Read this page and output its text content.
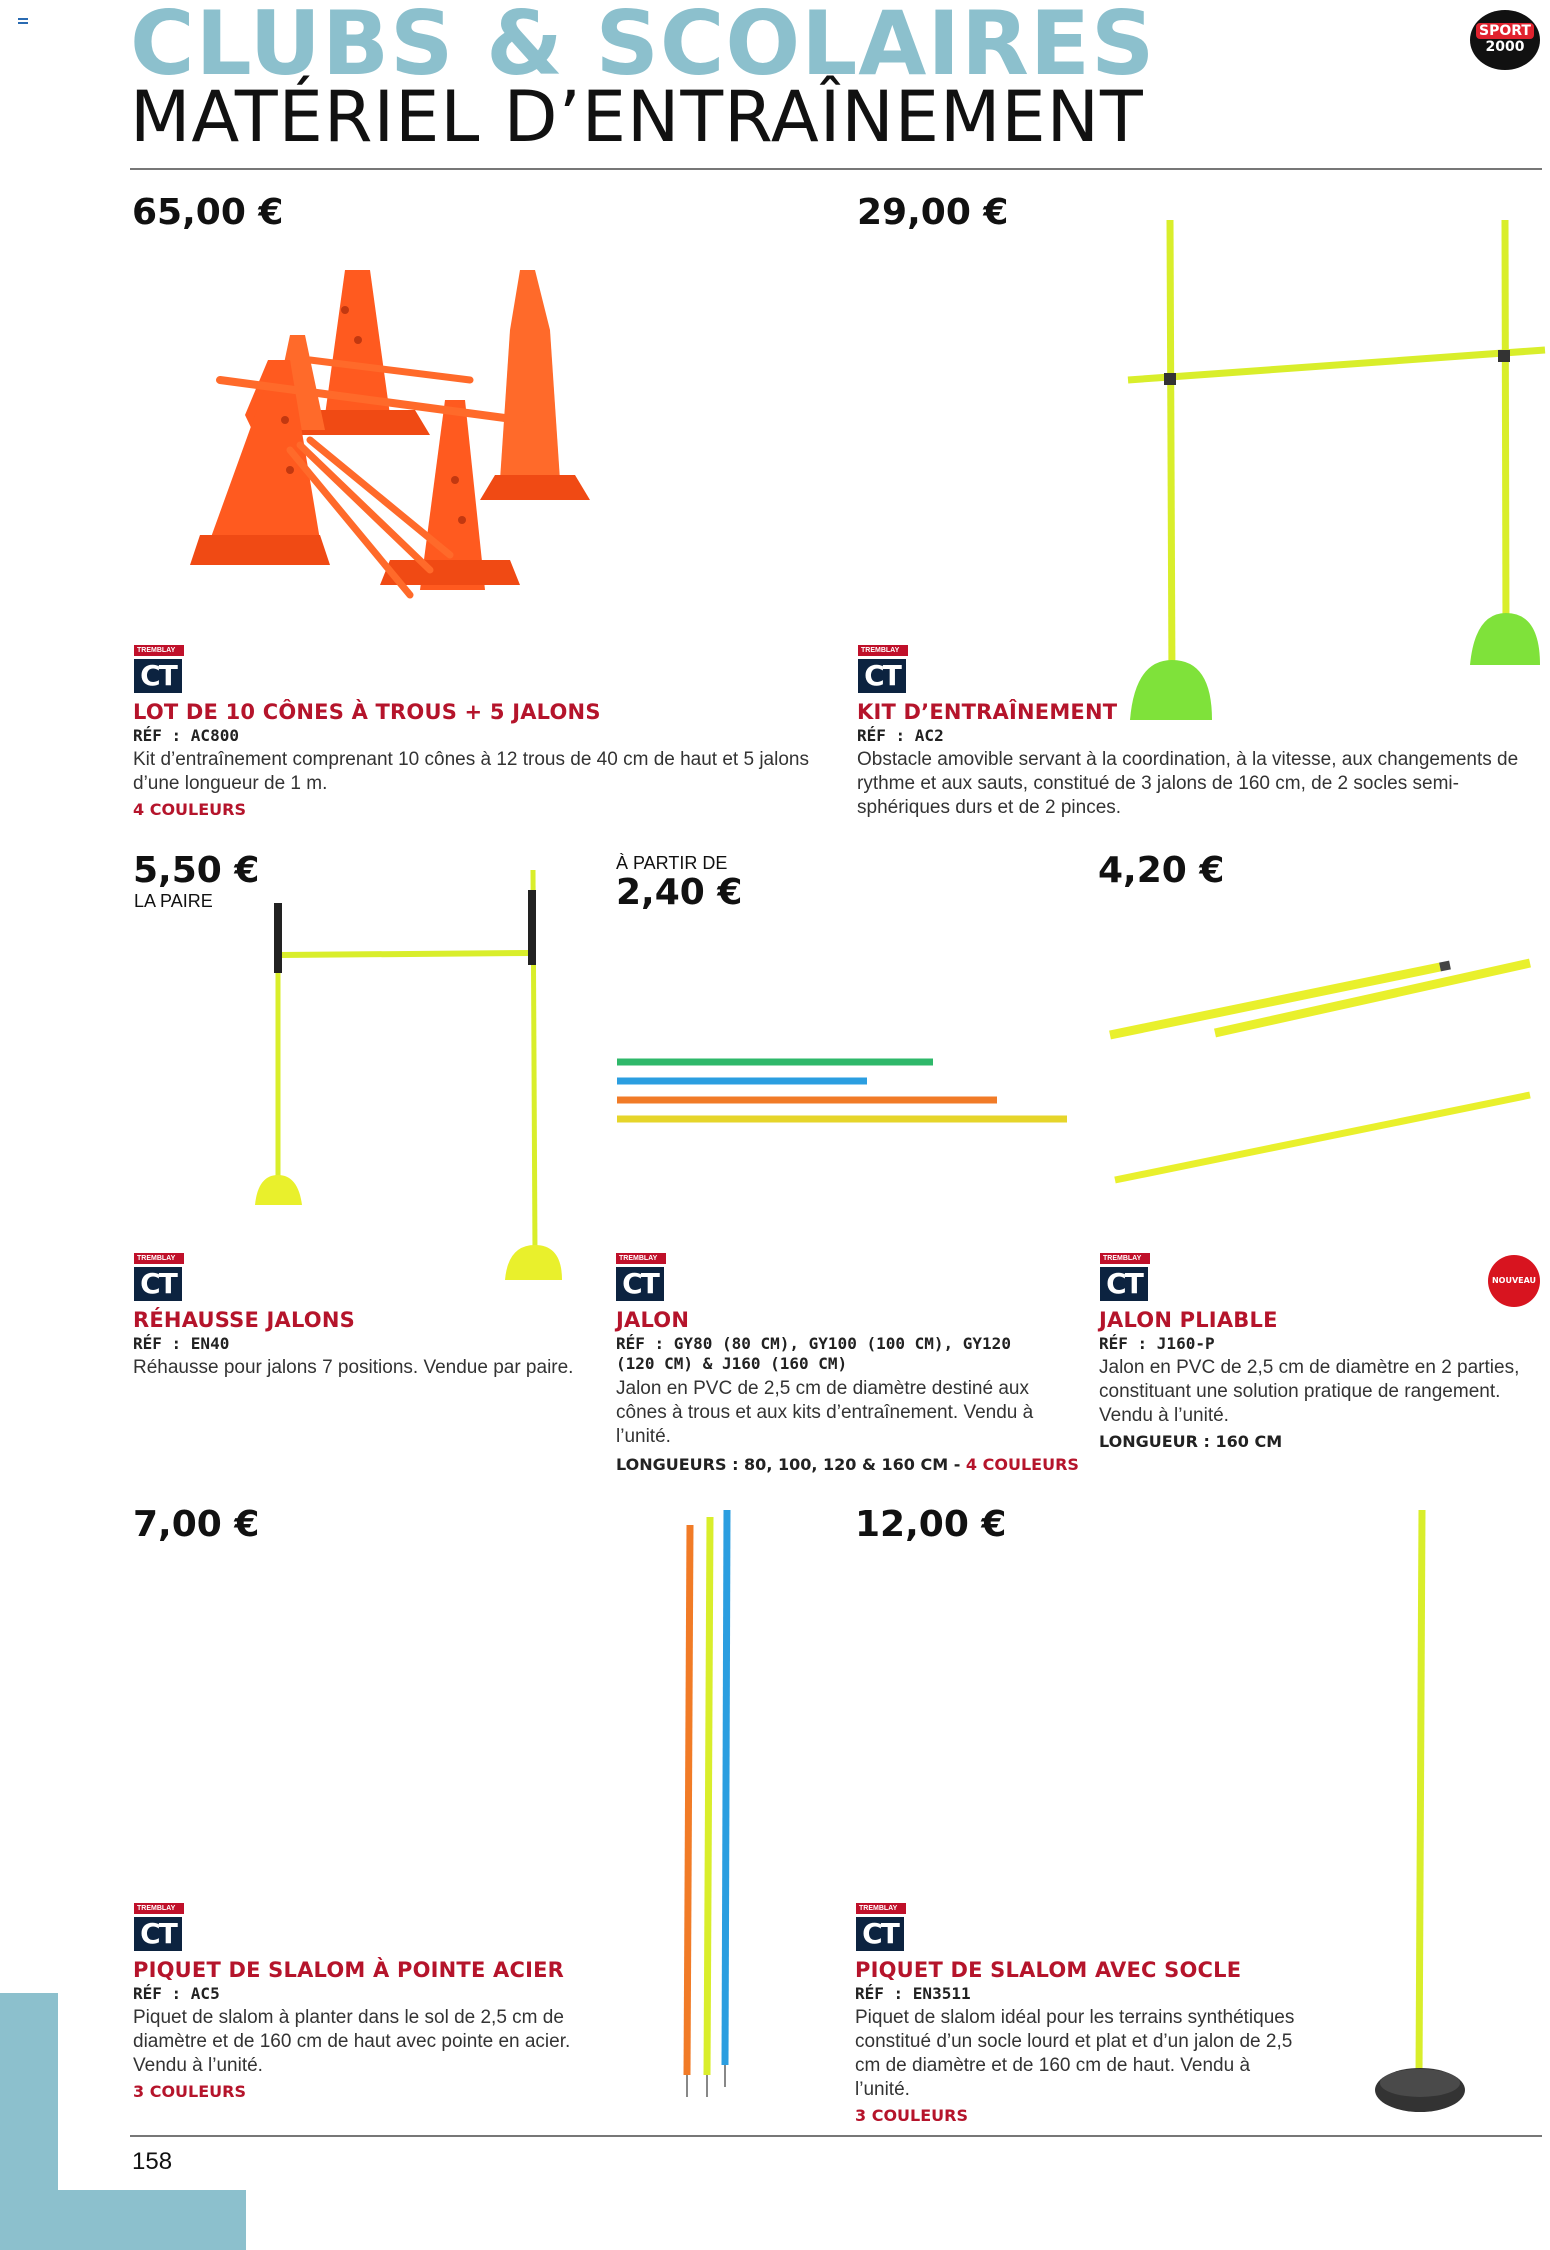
CLUBS & SCOLAIRES
MATÉRIEL D’ENTRAÎNEMENT
SPORT
2000
65,00 €
TREMBLAY
CT
LOT DE 10 CÔNES À TROUS + 5 JALONS
RÉF : AC800
Kit d’entraînement comprenant 10 cônes à 12 trous de 40 cm de haut et 5 jalons d’une longueur de 1 m.
4 COULEURS
29,00 €
TREMBLAY
CT
KIT D’ENTRAÎNEMENT
RÉF : AC2
Obstacle amovible servant à la coordination, à la vitesse, aux changements de rythme et aux sauts, constitué de 3 jalons de 160 cm, de 2 socles semi-sphériques durs et de 2 pinces.
5,50 €
LA PAIRE
TREMBLAY
CT
RÉHAUSSE JALONS
RÉF : EN40
Réhausse pour jalons 7 positions. Vendue par paire.
À PARTIR DE
2,40 €
TREMBLAY
CT
JALON
RÉF : GY80 (80 CM), GY100 (100 CM), GY120 (120 CM) & J160 (160 CM)
Jalon en PVC de 2,5 cm de diamètre destiné aux cônes à trous et aux kits d’entraînement. Vendu à l’unité.
LONGUEURS : 80, 100, 120 & 160 CM - 4 COULEURS
4,20 €
NOUVEAU
TREMBLAY
CT
JALON PLIABLE
RÉF : J160-P
Jalon en PVC de 2,5 cm de diamètre en 2 parties, constituant une solution pratique de rangement. Vendu à l’unité.
LONGUEUR : 160 CM
7,00 €
TREMBLAY
CT
PIQUET DE SLALOM À POINTE ACIER
RÉF : AC5
Piquet de slalom à planter dans le sol de 2,5 cm de diamètre et de 160 cm de haut avec pointe en acier. Vendu à l’unité.
3 COULEURS
12,00 €
TREMBLAY
CT
PIQUET DE SLALOM AVEC SOCLE
RÉF : EN3511
Piquet de slalom idéal pour les terrains synthétiques constitué d’un socle lourd et plat et d’un jalon de 2,5 cm de diamètre et de 160 cm de haut. Vendu à l’unité.
3 COULEURS
158
